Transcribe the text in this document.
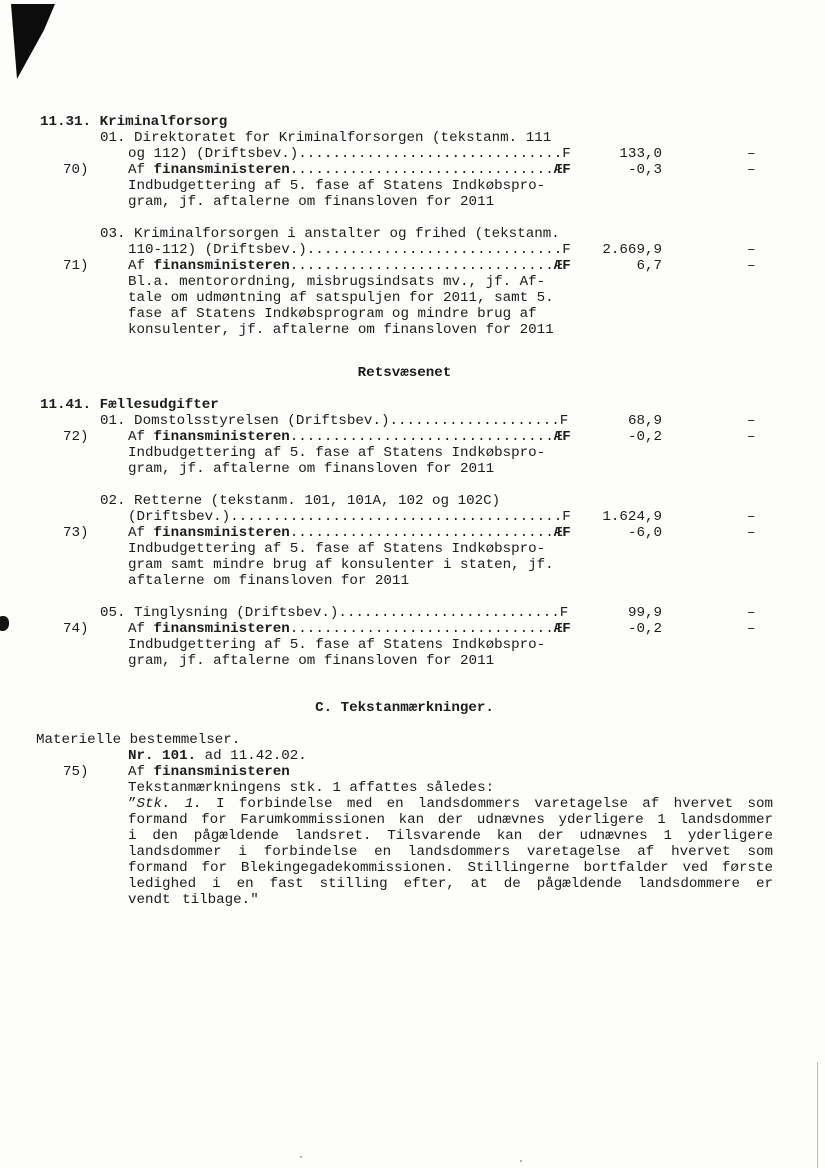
11.31. Kriminalforsorg
01. Direktoratet for Kriminalforsorgen (tekstanm. 111
og 112) (Driftsbev.)...............................F	133,0	–
70)	Af finansministeren...............................ÆF	-0,3	–
Indbudgettering af 5. fase af Statens Indkøbspro-
gram, jf. aftalerne om finansloven for 2011
03. Kriminalforsorgen i anstalter og frihed (tekstanm.
110-112) (Driftsbev.)..............................F	2.669,9	–
71)	Af finansministeren...............................ÆF	6,7	–
Bl.a. mentorordning, misbrugsindsats mv., jf. Af-
tale om udmøntning af satspuljen for 2011, samt 5.
fase af Statens Indkøbsprogram og mindre brug af
konsulenter, jf. aftalerne om finansloven for 2011
Retsvæsenet
11.41. Fællesudgifter
01. Domstolsstyrelsen (Driftsbev.)....................F	68,9	–
72)	Af finansministeren...............................ÆF	-0,2	–
Indbudgettering af 5. fase af Statens Indkøbspro-
gram, jf. aftalerne om finansloven for 2011
02. Retterne (tekstanm. 101, 101A, 102 og 102C)
(Driftsbev.).......................................F	1.624,9	–
73)	Af finansministeren...............................ÆF	-6,0	–
Indbudgettering af 5. fase af Statens Indkøbspro-
gram samt mindre brug af konsulenter i staten, jf.
aftalerne om finansloven for 2011
05. Tinglysning (Driftsbev.)..........................F	99,9	–
74)	Af finansministeren...............................ÆF	-0,2	–
Indbudgettering af 5. fase af Statens Indkøbspro-
gram, jf. aftalerne om finansloven for 2011
C. Tekstanmærkninger.
Materielle bestemmelser.
Nr. 101. ad 11.42.02.
75)	Af finansministeren
Tekstanmærkningens stk. 1 affattes således:
”Stk. 1. I forbindelse med en landsdommers varetagelse af hvervet som formand for Farumkommissionen kan der udnævnes yderligere 1 landsdommer i den pågældende landsret. Tilsvarende kan der udnævnes 1 yderligere landsdommer i forbindelse en landsdommers varetagelse af hvervet som formand for Blekingegadekommissionen. Stillingerne bortfalder ved første ledighed i en fast stilling efter, at de pågældende landsdommere er vendt tilbage."
